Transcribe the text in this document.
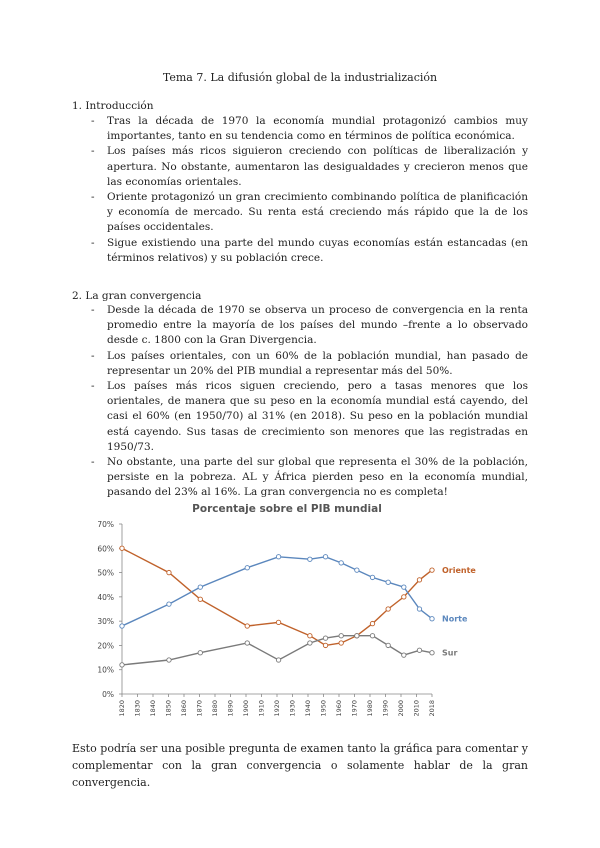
Tema 7. La difusión global de la industrialización
1. Introducción
- Tras la década de 1970 la economía mundial protagonizó cambios muy importantes, tanto en su tendencia como en términos de política económica.
- Los países más ricos siguieron creciendo con políticas de liberalización y apertura. No obstante, aumentaron las desigualdades y crecieron menos que las economías orientales.
- Oriente protagonizó un gran crecimiento combinando política de planificación y economía de mercado. Su renta está creciendo más rápido que la de los países occidentales.
- Sigue existiendo una parte del mundo cuyas economías están estancadas (en términos relativos) y su población crece.
2. La gran convergencia
- Desde la década de 1970 se observa un proceso de convergencia en la renta promedio entre la mayoría de los países del mundo –frente a lo observado desde c. 1800 con la Gran Divergencia.
- Los países orientales, con un 60% de la población mundial, han pasado de representar un 20% del PIB mundial a representar más del 50%.
- Los países más ricos siguen creciendo, pero a tasas menores que los orientales, de manera que su peso en la economía mundial está cayendo, del casi el 60% (en 1950/70) al 31% (en 2018). Su peso en la población mundial está cayendo. Sus tasas de crecimiento son menores que las registradas en 1950/73.
- No obstante, una parte del sur global que representa el 30% de la población, persiste en la pobreza. AL y África pierden peso en la economía mundial, pasando del 23% al 16%. La gran convergencia no es completa!
Porcentaje sobre el PIB mundial
0%
10%
20%
30%
40%
50%
60%
70%
1820 1830 1840 1850 1860 1870 1880 1890 1900 1910 1920 1930 1940 1950 1960 1970 1980 1990 2000 2010 2018
Oriente
Norte
Sur
Esto podría ser una posible pregunta de examen tanto la gráfica para comentar y complementar con la gran convergencia o solamente hablar de la gran convergencia.
